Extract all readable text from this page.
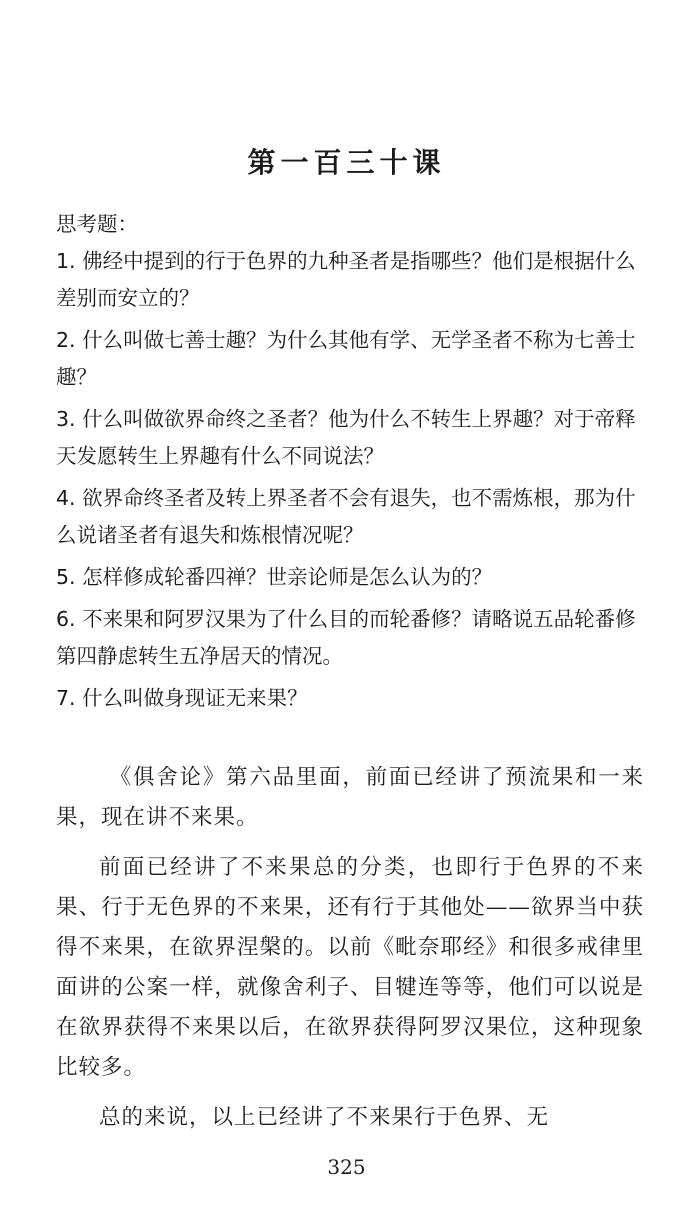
第一百三十课

思考题：

1. 佛经中提到的行于色界的九种圣者是指哪些？他们是根据什么差别而安立的？

2. 什么叫做七善士趣？为什么其他有学、无学圣者不称为七善士趣？

3. 什么叫做欲界命终之圣者？他为什么不转生上界趣？对于帝释天发愿转生上界趣有什么不同说法？

4. 欲界命终圣者及转上界圣者不会有退失，也不需炼根，那为什么说诸圣者有退失和炼根情况呢？

5. 怎样修成轮番四禅？世亲论师是怎么认为的？

6. 不来果和阿罗汉果为了什么目的而轮番修？请略说五品轮番修第四静虑转生五净居天的情况。

7. 什么叫做身现证无来果？

《俱舍论》第六品里面，前面已经讲了预流果和一来果，现在讲不来果。

前面已经讲了不来果总的分类，也即行于色界的不来果、行于无色界的不来果，还有行于其他处——欲界当中获得不来果，在欲界涅槃的。以前《毗奈耶经》和很多戒律里面讲的公案一样，就像舍利子、目犍连等等，他们可以说是在欲界获得不来果以后，在欲界获得阿罗汉果位，这种现象比较多。

总的来说，以上已经讲了不来果行于色界、无

325
